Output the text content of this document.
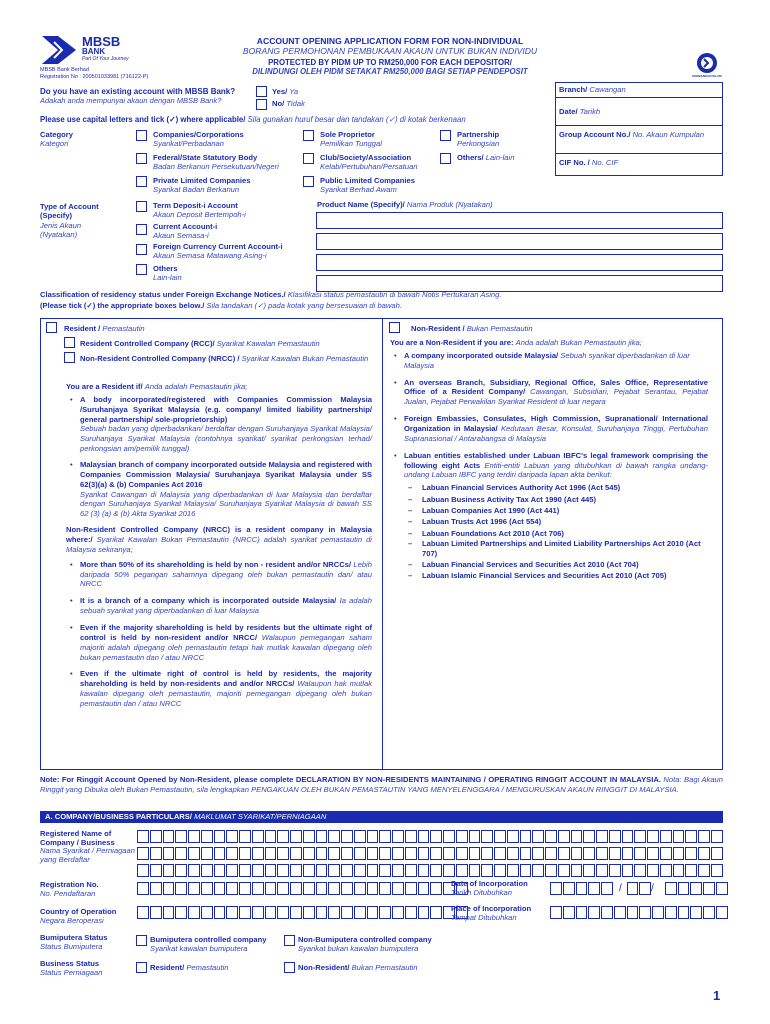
MBSB
BANK
Part Of Your Journey
MBSB Bank Berhad
Registration No : 200501033981 (716122-P)
ACCOUNT OPENING APPLICATION FORM FOR NON-INDIVIDUAL
BORANG PERMOHONAN PEMBUKAAN AKAUN UNTUK BUKAN INDIVIDU
PROTECTED BY PIDM UP TO RM250,000 FOR EACH DEPOSITOR/
DILINDUNGI OLEH PIDM SETAKAT RM250,000 BAGI SETIAP PENDEPOSIT	PERBANKAN ISLAM
Branch/ Cawangan
Date/ Tarikh
Group Account No./ No. Akaun Kumpulan
CIF No. / No. CIF
Do you have an existing account with MBSB Bank?
Adakah anda mempunyai akaun dengan MBSB Bank?
Yes/ Ya
No/ Tidak
Please use capital letters and tick (✓) where applicable/ Sila gunakan huruf besar dan tandakan (✓) di kotak berkenaan
Category
Kategori
Companies/Corporations
Syarikat/Perbadanan
Sole Proprietor
Pemilikan Tunggal
Partnership
Perkongsian
Federal/State Statutory Body
Badan Berkanun Persekutuan/Negeri
Club/Society/Association
Kelab/Pertubuhan/Persatuan
Others/ Lain-lain
Private Limited Companies
Syarikat Badan Berkanun
Public Limited Companies
Syarikat Berhad Awam
Type of Account
(Specify)
Jenis Akaun
(Nyatakan)
Term Deposit-i Account
Akaun Deposit Bertempoh-i
Current Account-i
Akaun Semasa-i
Foreign Currency Current Account-i
Akaun Semasa Matawang Asing-i
Others
Lain-lain
Product Name (Specify)/ Nama Produk (Nyatakan)
Classification of residency status under Foreign Exchange Notices./ Klasifikasi status pemastautin di bawah Notis Pertukaran Asing.
(Please tick (✓) the appropriate boxes below./ Sila tandakan (✓) pada kotak yang bersesuaian di bawah.
Resident / Pemastautin
Resident Controlled Company (RCC)/ Syarikat Kawalan Pemastautin
Non-Resident Controlled Company (NRCC) / Syarikat Kawalan Bukan Pemastautin

You are a Resident if/ Anda adalah Pemastautin jika;

• A body incorporated/registered with Companies Commission Malaysia /Suruhanjaya Syarikat Malaysia (e.g. company/ limited liability partnership/ general partnership/ sole-proprietorship)

Sebuah badan yang diperbadankan/ berdaftar dengan Suruhanjaya Syarikat Malaysia/ Suruhanjaya Syarikat Malaysia (contohnya syarikat/ syarikat perkongsian terhad/ perkongsian am/pemilik tunggal)

• Malaysian branch of company incorporated outside Malaysia and registered with Companies Commission Malaysia/ Suruhanjaya Syarikat Malaysia under SS 62(3)(a) & (b) Companies Act 2016

Syarikat Cawangan di Malaysia yang diperbadankan di luar Malaysia dan berdaftar dengan Suruhanjaya Syarikat Malaysia/ Suruhanjaya Syarikat Malaysia di bawah SS 62 (3) (a) & (b) Akta Syarikat 2016

Non-Resident Controlled Company (NRCC) is a resident company in Malaysia where:/ Syarikat Kawalan Bukan Pemastautin (NRCC) adalah syarikat pemastautin di Malaysia sekiranya;

• More than 50% of its shareholding is held by non - resident and/or NRCCs/ Lebih daripada 50% pegangan sahamnya dipegang oleh bukan pemastautin dan/ atau NRCC

• It is a branch of a company which is incorporated outside Malaysia/ Ia adalah sebuah syarikat yang diperbadankan di luar Malaysia

• Even if the majority shareholding is held by residents but the ultimate right of control is held by non-resident and/or NRCC/ Walaupun pemegangan saham majoriti adalah dipegang oleh pemastautin tetapi hak mutlak kawalan dipegang oleh bukan pemastautin dan / atau NRCC

• Even if the ultimate right of control is held by residents, the majority shareholding is held by non-residents and and/or NRCCs/ Walaupun hak mutlak kawalan dipegang oleh pemastautin, majoriti pemegangan dipegang oleh bukan pemastautin dan / atau NRCC

Non-Resident / Bukan Pemastautin

You are a Non-Resident if you are: Anda adalah Bukan Pemastautin jika;

• A company incorporated outside Malaysia/ Sebuah syarikat diperbadankan di luar Malaysia

• An overseas Branch, Subsidiary, Regional Office, Sales Office, Representative Office of a Resident Company/ Cawangan, Subsidiari, Pejabat Serantau, Pejabat Jualan, Pejabat Perwakilan Syarikat Resident di luar negara

• Foreign Embassies, Consulates, High Commission, Supranational/ International Organization in Malaysia/ Kedutaan Besar, Konsulat, Suruhanjaya Tinggi, Pertubuhan Supranasional / Antarabangsa di Malaysia

• Labuan entities established under Labuan IBFC's legal framework comprising the following eight Acts Entiti-entiti Labuan yang ditubuhkan di bawah rangka undang-undang Labuan IBFC yang terdiri daripada lapan akta berikut:

– Labuan Financial Services Authority Act 1996 (Act 545)
– Labuan Business Activity Tax Act 1990 (Act 445)
– Labuan Companies Act 1990 (Act 441)
– Labuan Trusts Act 1996 (Act 554)
– Labuan Foundations Act 2010 (Act 706)
– Labuan Limited Partnerships and Limited Liability Partnerships Act 2010 (Act 707)
– Labuan Financial Services and Securities Act 2010 (Act 704)
– Labuan Islamic Financial Services and Securities Act 2010 (Act 705)
Note: For Ringgit Account Opened by Non-Resident, please complete DECLARATION BY NON-RESIDENTS MAINTAINING / OPERATING RINGGIT ACCOUNT IN MALAYSIA. Nota: Bagi Akaun Ringgit yang Dibuka oleh Bukan Pemastautin, sila lengkapkan PENGAKUAN OLEH BUKAN PEMASTAUTIN YANG MENYELENGGARA / MENGURUSKAN AKAUN RINGGIT DI MALAYSIA.
A. COMPANY/BUSINESS PARTICULARS/ MAKLUMAT SYARIKAT/PERNIAGAAN
Registered Name of Company / Business
Nama Syarikat / Perniagaan yang Berdaftar
Registration No.
No. Pendaftaran
Date of Incorporation
Tarikh Ditubuhkan	/	/
Country of Operation
Negara Beroperasi
Place of Incorporation
Tempat Ditubuhkan
Bumiputera Status
Status Bumiputera
Bumiputera controlled company
Syarikat kawalan bumiputera
Non-Bumiputera controlled company
Syarikat bukan kawalan bumiputera
Business Status
Status Perniagaan
Resident/ Pemastautin	Non-Resident/ Bukan Pemastautin
1
